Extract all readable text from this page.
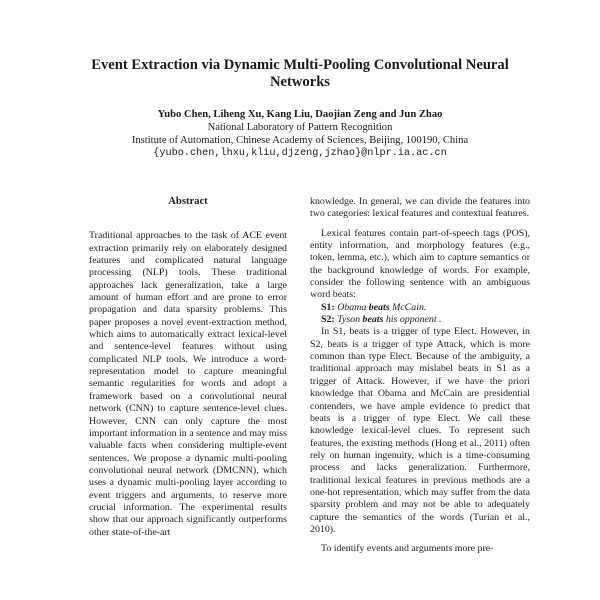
Event Extraction via Dynamic Multi-Pooling Convolutional Neural Networks
Yubo Chen, Liheng Xu, Kang Liu, Daojian Zeng and Jun Zhao
National Laboratory of Pattern Recognition
Institute of Automation, Chinese Academy of Sciences, Beijing, 100190, China
{yubo.chen,lhxu,kliu,djzeng,jzhao}@nlpr.ia.ac.cn
Abstract

Traditional approaches to the task of ACE event extraction primarily rely on elaborately designed features and complicated natural language processing (NLP) tools. These traditional approaches lack generalization, take a large amount of human effort and are prone to error propagation and data sparsity problems. This paper proposes a novel event-extraction method, which aims to automatically extract lexical-level and sentence-level features without using complicated NLP tools. We introduce a word-representation model to capture meaningful semantic regularities for words and adopt a framework based on a convolutional neural network (CNN) to capture sentence-level clues. However, CNN can only capture the most important information in a sentence and may miss valuable facts when considering multiple-event sentences. We propose a dynamic multi-pooling convolutional neural network (DMCNN), which uses a dynamic multi-pooling layer according to event triggers and arguments, to reserve more crucial information. The experimental results show that our approach significantly outperforms other state-of-the-art

knowledge. In general, we can divide the features into two categories: lexical features and contextual features.

Lexical features contain part-of-speech tags (POS), entity information, and morphology features (e.g., token, lemma, etc.), which aim to capture semantics or the background knowledge of words. For example, consider the following sentence with an ambiguous word beats:

S1: Obama beats McCain.

S2: Tyson beats his opponent .

In S1, beats is a trigger of type Elect. However, in S2, beats is a trigger of type Attack, which is more common than type Elect. Because of the ambiguity, a traditional approach may mislabel beats in S1 as a trigger of Attack. However, if we have the priori knowledge that Obama and McCain are presidential contenders, we have ample evidence to predict that beats is a trigger of type Elect. We call these knowledge lexical-level clues. To represent such features, the existing methods (Hong et al., 2011) often rely on human ingenuity, which is a time-consuming process and lacks generalization. Furthermore, traditional lexical features in previous methods are a one-hot representation, which may suffer from the data sparsity problem and may not be able to adequately capture the semantics of the words (Turian et al., 2010).

To identify events and arguments more pre-
